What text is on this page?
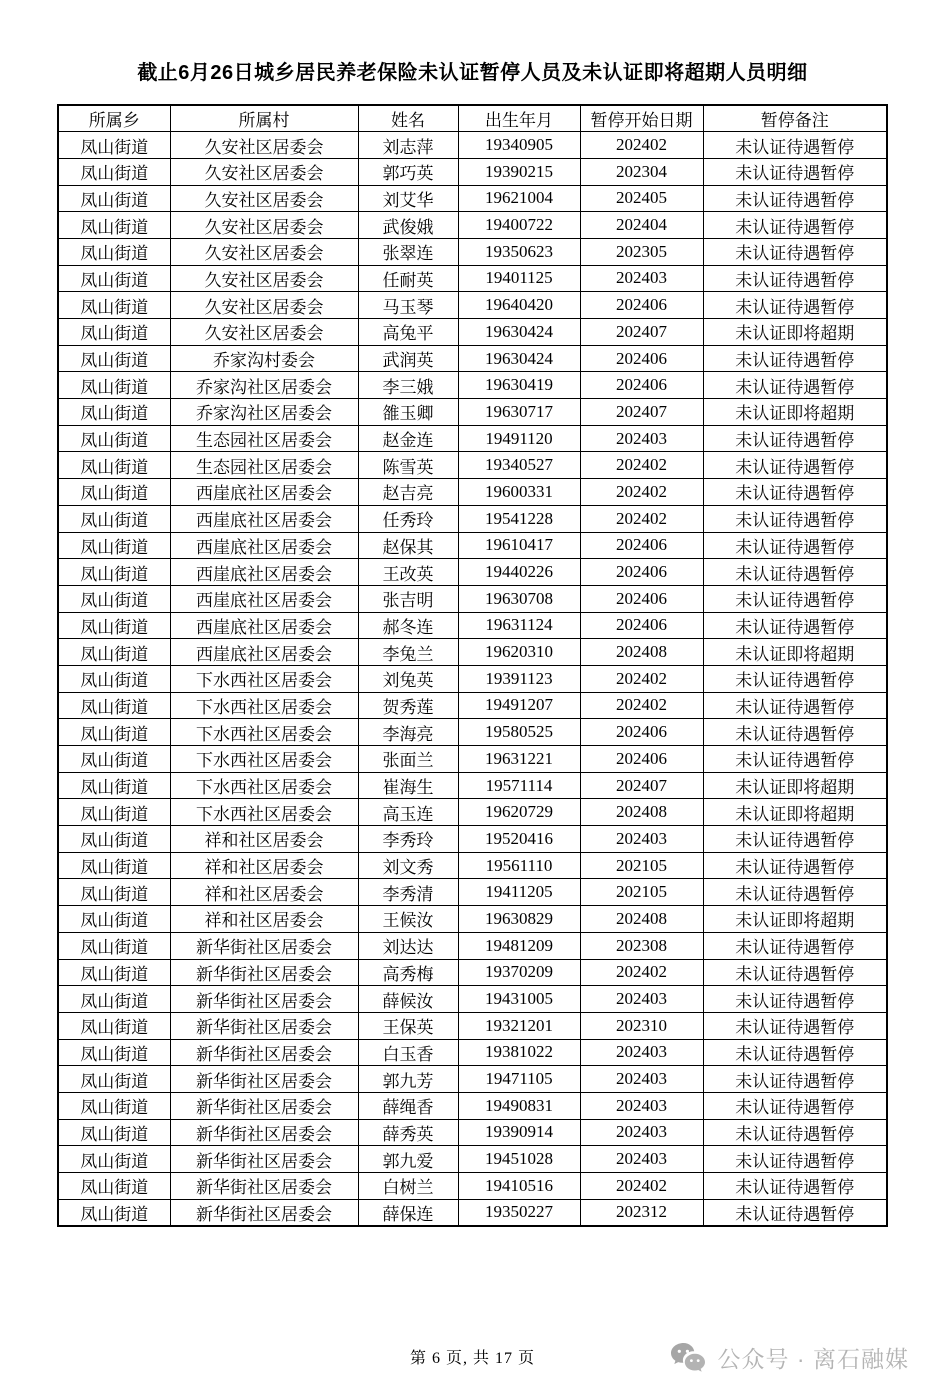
截止6月26日城乡居民养老保险未认证暂停人员及未认证即将超期人员明细
所属乡	所属村	姓名	出生年月	暂停开始日期	暂停备注
凤山街道	久安社区居委会	刘志萍	19340905	202402	未认证待遇暂停
凤山街道	久安社区居委会	郭巧英	19390215	202304	未认证待遇暂停
凤山街道	久安社区居委会	刘艾华	19621004	202405	未认证待遇暂停
凤山街道	久安社区居委会	武俊娥	19400722	202404	未认证待遇暂停
凤山街道	久安社区居委会	张翠连	19350623	202305	未认证待遇暂停
凤山街道	久安社区居委会	任耐英	19401125	202403	未认证待遇暂停
凤山街道	久安社区居委会	马玉琴	19640420	202406	未认证待遇暂停
凤山街道	久安社区居委会	高兔平	19630424	202407	未认证即将超期
凤山街道	乔家沟村委会	武润英	19630424	202406	未认证待遇暂停
凤山街道	乔家沟社区居委会	李三娥	19630419	202406	未认证待遇暂停
凤山街道	乔家沟社区居委会	雒玉卿	19630717	202407	未认证即将超期
凤山街道	生态园社区居委会	赵金连	19491120	202403	未认证待遇暂停
凤山街道	生态园社区居委会	陈雪英	19340527	202402	未认证待遇暂停
凤山街道	西崖底社区居委会	赵吉亮	19600331	202402	未认证待遇暂停
凤山街道	西崖底社区居委会	任秀玲	19541228	202402	未认证待遇暂停
凤山街道	西崖底社区居委会	赵保其	19610417	202406	未认证待遇暂停
凤山街道	西崖底社区居委会	王改英	19440226	202406	未认证待遇暂停
凤山街道	西崖底社区居委会	张吉明	19630708	202406	未认证待遇暂停
凤山街道	西崖底社区居委会	郝冬连	19631124	202406	未认证待遇暂停
凤山街道	西崖底社区居委会	李兔兰	19620310	202408	未认证即将超期
凤山街道	下水西社区居委会	刘兔英	19391123	202402	未认证待遇暂停
凤山街道	下水西社区居委会	贺秀莲	19491207	202402	未认证待遇暂停
凤山街道	下水西社区居委会	李海亮	19580525	202406	未认证待遇暂停
凤山街道	下水西社区居委会	张面兰	19631221	202406	未认证待遇暂停
凤山街道	下水西社区居委会	崔海生	19571114	202407	未认证即将超期
凤山街道	下水西社区居委会	高玉连	19620729	202408	未认证即将超期
凤山街道	祥和社区居委会	李秀玲	19520416	202403	未认证待遇暂停
凤山街道	祥和社区居委会	刘文秀	19561110	202105	未认证待遇暂停
凤山街道	祥和社区居委会	李秀清	19411205	202105	未认证待遇暂停
凤山街道	祥和社区居委会	王候汝	19630829	202408	未认证即将超期
凤山街道	新华街社区居委会	刘达达	19481209	202308	未认证待遇暂停
凤山街道	新华街社区居委会	高秀梅	19370209	202402	未认证待遇暂停
凤山街道	新华街社区居委会	薛候汝	19431005	202403	未认证待遇暂停
凤山街道	新华街社区居委会	王保英	19321201	202310	未认证待遇暂停
凤山街道	新华街社区居委会	白玉香	19381022	202403	未认证待遇暂停
凤山街道	新华街社区居委会	郭九芳	19471105	202403	未认证待遇暂停
凤山街道	新华街社区居委会	薛绳香	19490831	202403	未认证待遇暂停
凤山街道	新华街社区居委会	薛秀英	19390914	202403	未认证待遇暂停
凤山街道	新华街社区居委会	郭九爱	19451028	202403	未认证待遇暂停
凤山街道	新华街社区居委会	白树兰	19410516	202402	未认证待遇暂停
凤山街道	新华街社区居委会	薛保连	19350227	202312	未认证待遇暂停
第 6 页, 共 17 页	公众号 · 离石融媒
